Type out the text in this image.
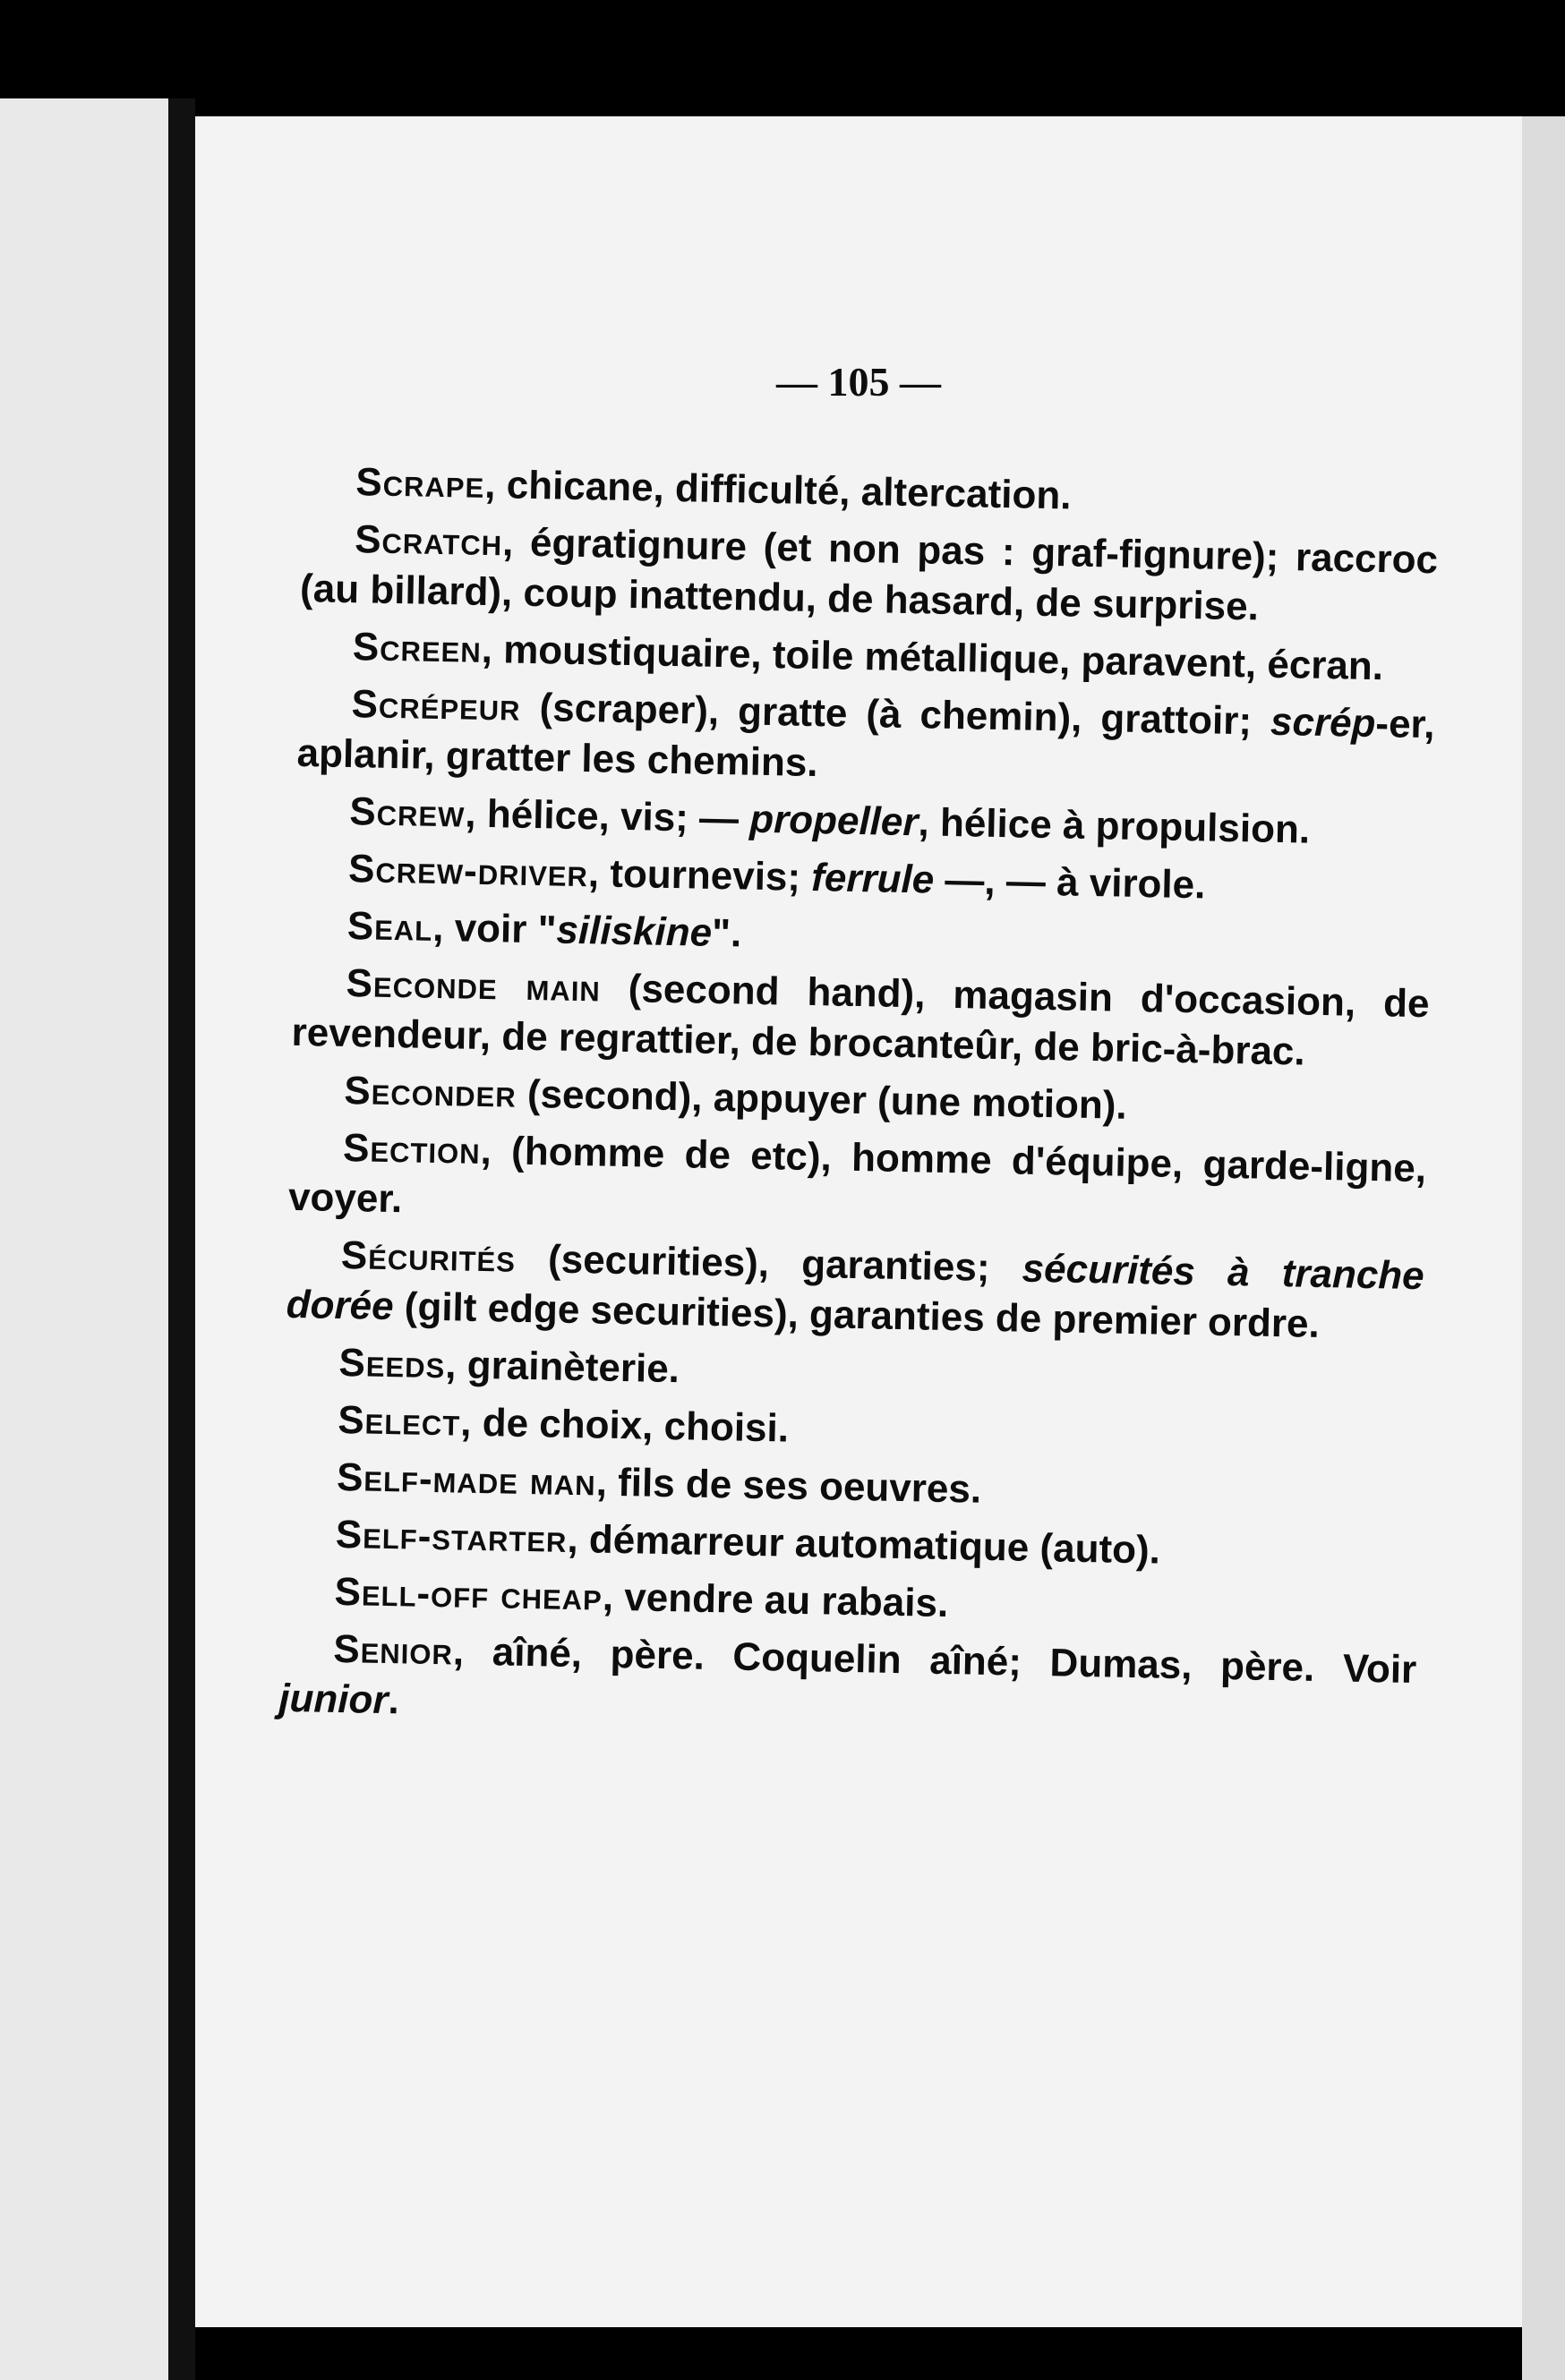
— 105 —

Scrape, chicane, difficulté, altercation.

Scratch, égratignure (et non pas : graf-fignure); raccroc (au billard), coup inattendu, de hasard, de surprise.

Screen, moustiquaire, toile métallique, paravent, écran.

Scrépeur (scraper), gratte (à chemin), grattoir; scrép-er, aplanir, gratter les chemins.

Screw, hélice, vis; — propeller, hélice à propulsion.

Screw-driver, tournevis; ferrule —, — à virole.

Seal, voir "siliskine".

Seconde main (second hand), magasin d'occasion, de revendeur, de regrattier, de brocanteûr, de bric-à-brac.

Seconder (second), appuyer (une motion).

Section, (homme de etc), homme d'équipe, garde-ligne, voyer.

Sécurités (securities), garanties; sécurités à tranche dorée (gilt edge securities), garanties de premier ordre.

Seeds, grainèterie.

Select, de choix, choisi.

Self-made man, fils de ses oeuvres.

Self-starter, démarreur automatique (auto).

Sell-off cheap, vendre au rabais.

Senior, aîné, père. Coquelin aîné; Dumas, père. Voir junior.
